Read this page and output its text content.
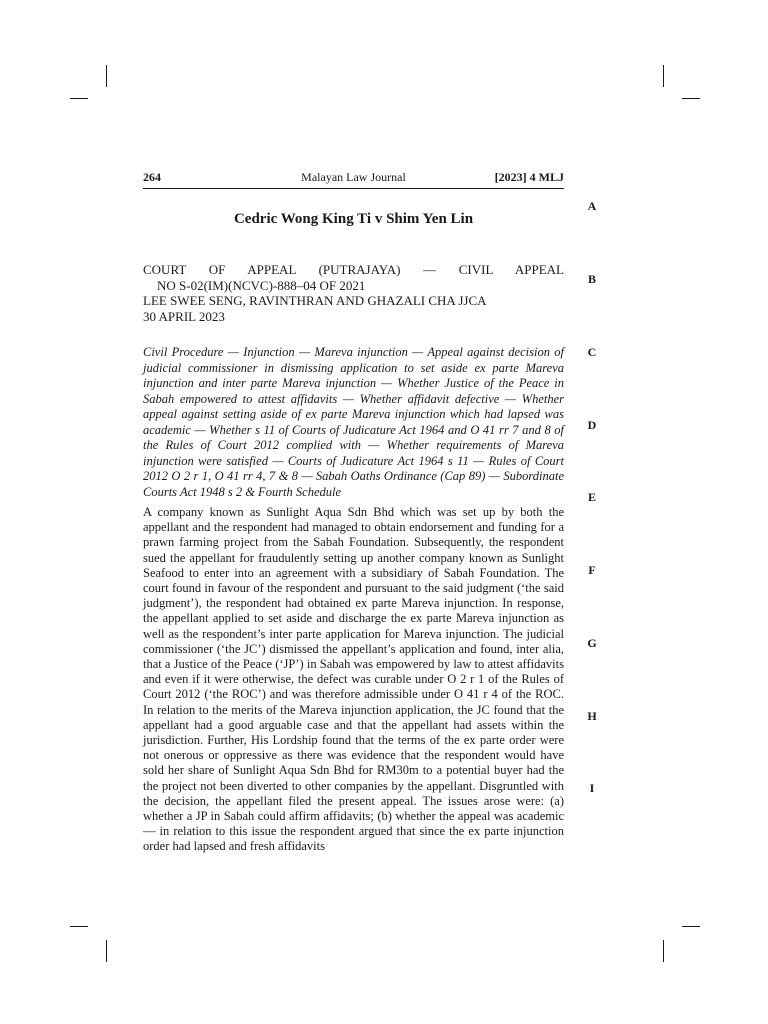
Malayan Law Journal
264	[2023] 4 MLJ
A
B
C
D
E
F
G
H
I
Cedric Wong King Ti v Shim Yen Lin
COURT OF APPEAL (PUTRAJAYA) — CIVIL APPEAL
NO S-02(IM)(NCVC)-888–04 OF 2021
LEE SWEE SENG, RAVINTHRAN AND GHAZALI CHA JJCA
30 APRIL 2023
Civil Procedure — Injunction — Mareva injunction — Appeal against decision of judicial commissioner in dismissing application to set aside ex parte Mareva injunction and inter parte Mareva injunction — Whether Justice of the Peace in Sabah empowered to attest affidavits — Whether affidavit defective — Whether appeal against setting aside of ex parte Mareva injunction which had lapsed was academic — Whether s 11 of Courts of Judicature Act 1964 and O 41 rr 7 and 8 of the Rules of Court 2012 complied with — Whether requirements of Mareva injunction were satisfied — Courts of Judicature Act 1964 s 11 — Rules of Court 2012 O 2 r 1, O 41 rr 4, 7 & 8 — Sabah Oaths Ordinance (Cap 89) — Subordinate Courts Act 1948 s 2 & Fourth Schedule

A company known as Sunlight Aqua Sdn Bhd which was set up by both the appellant and the respondent had managed to obtain endorsement and funding for a prawn farming project from the Sabah Foundation. Subsequently, the respondent sued the appellant for fraudulently setting up another company known as Sunlight Seafood to enter into an agreement with a subsidiary of Sabah Foundation. The court found in favour of the respondent and pursuant to the said judgment (‘the said judgment’), the respondent had obtained ex parte Mareva injunction. In response, the appellant applied to set aside and discharge the ex parte Mareva injunction as well as the respondent’s inter parte application for Mareva injunction. The judicial commissioner (‘the JC’) dismissed the appellant’s application and found, inter alia, that a Justice of the Peace (‘JP’) in Sabah was empowered by law to attest affidavits and even if it were otherwise, the defect was curable under O 2 r 1 of the Rules of Court 2012 (‘the ROC’) and was therefore admissible under O 41 r 4 of the ROC. In relation to the merits of the Mareva injunction application, the JC found that the appellant had a good arguable case and that the appellant had assets within the jurisdiction. Further, His Lordship found that the terms of the ex parte order were not onerous or oppressive as there was evidence that the respondent would have sold her share of Sunlight Aqua Sdn Bhd for RM30m to a potential buyer had the the project not been diverted to other companies by the appellant. Disgruntled with the decision, the appellant filed the present appeal. The issues arose were: (a) whether a JP in Sabah could affirm affidavits; (b) whether the appeal was academic — in relation to this issue the respondent argued that since the ex parte injunction order had lapsed and fresh affidavits
